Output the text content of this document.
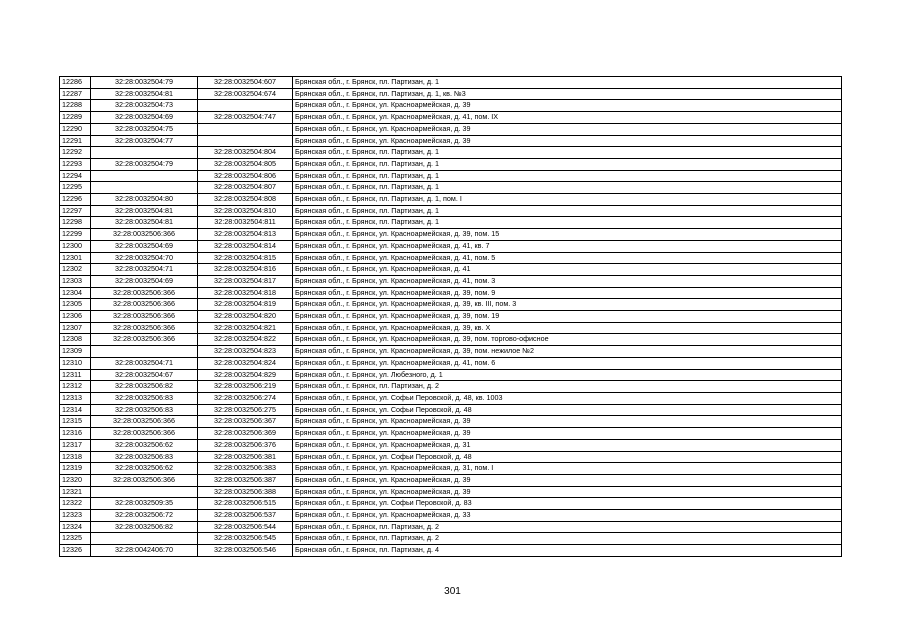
12286	32:28:0032504:79	32:28:0032504:607	Брянская обл., г. Брянск, пл. Партизан, д. 1
12287	32:28:0032504:81	32:28:0032504:674	Брянская обл., г. Брянск, пл. Партизан, д. 1, кв. №3
12288	32:28:0032504:73		Брянская обл., г. Брянск, ул. Красноармейская, д. 39
12289	32:28:0032504:69	32:28:0032504:747	Брянская обл., г. Брянск, ул. Красноармейская, д. 41, пом. IX
12290	32:28:0032504:75		Брянская обл., г. Брянск, ул. Красноармейская, д. 39
12291	32:28:0032504:77		Брянская обл., г. Брянск, ул. Красноармейская, д. 39
12292		32:28:0032504:804	Брянская обл., г. Брянск, пл. Партизан, д. 1
12293	32:28:0032504:79	32:28:0032504:805	Брянская обл., г. Брянск, пл. Партизан, д. 1
12294		32:28:0032504:806	Брянская обл., г. Брянск, пл. Партизан, д. 1
12295		32:28:0032504:807	Брянская обл., г. Брянск, пл. Партизан, д. 1
12296	32:28:0032504:80	32:28:0032504:808	Брянская обл., г. Брянск, пл. Партизан, д. 1, пом. I
12297	32:28:0032504:81	32:28:0032504:810	Брянская обл., г. Брянск, пл. Партизан, д. 1
12298	32:28:0032504:81	32:28:0032504:811	Брянская обл., г. Брянск, пл. Партизан, д. 1
12299	32:28:0032506:366	32:28:0032504:813	Брянская обл., г. Брянск, ул. Красноармейская, д. 39, пом. 15
12300	32:28:0032504:69	32:28:0032504:814	Брянская обл., г. Брянск, ул. Красноармейская, д. 41, кв. 7
12301	32:28:0032504:70	32:28:0032504:815	Брянская обл., г. Брянск, ул. Красноармейская, д. 41, пом. 5
12302	32:28:0032504:71	32:28:0032504:816	Брянская обл., г. Брянск, ул. Красноармейская, д. 41
12303	32:28:0032504:69	32:28:0032504:817	Брянская обл., г. Брянск, ул. Красноармейская, д. 41, пом. 3
12304	32:28:0032506:366	32:28:0032504:818	Брянская обл., г. Брянск, ул. Красноармейская, д. 39, пом. 9
12305	32:28:0032506:366	32:28:0032504:819	Брянская обл., г. Брянск, ул. Красноармейская, д. 39, кв. III, пом. 3
12306	32:28:0032506:366	32:28:0032504:820	Брянская обл., г. Брянск, ул. Красноармейская, д. 39, пом. 19
12307	32:28:0032506:366	32:28:0032504:821	Брянская обл., г. Брянск, ул. Красноармейская, д. 39, кв. X
12308	32:28:0032506:366	32:28:0032504:822	Брянская обл., г. Брянск, ул. Красноармейская, д. 39, пом. торгово-офисное
12309		32:28:0032504:823	Брянская обл., г. Брянск, ул. Красноармейская, д. 39, пом. нежилое №2
12310	32:28:0032504:71	32:28:0032504:824	Брянская обл., г. Брянск, ул. Красноармейская, д. 41, пом. 6
12311	32:28:0032504:67	32:28:0032504:829	Брянская обл., г. Брянск, ул. Любезного, д. 1
12312	32:28:0032506:82	32:28:0032506:219	Брянская обл., г. Брянск, пл. Партизан, д. 2
12313	32:28:0032506:83	32:28:0032506:274	Брянская обл., г. Брянск, ул. Софьи Перовской, д. 48, кв. 1003
12314	32:28:0032506:83	32:28:0032506:275	Брянская обл., г. Брянск, ул. Софьи Перовской, д. 48
12315	32:28:0032506:366	32:28:0032506:367	Брянская обл., г. Брянск, ул. Красноармейская, д. 39
12316	32:28:0032506:366	32:28:0032506:369	Брянская обл., г. Брянск, ул. Красноармейская, д. 39
12317	32:28:0032506:62	32:28:0032506:376	Брянская обл., г. Брянск, ул. Красноармейская, д. 31
12318	32:28:0032506:83	32:28:0032506:381	Брянская обл., г. Брянск, ул. Софьи Перовской, д. 48
12319	32:28:0032506:62	32:28:0032506:383	Брянская обл., г. Брянск, ул. Красноармейская, д. 31, пом. I
12320	32:28:0032506:366	32:28:0032506:387	Брянская обл., г. Брянск, ул. Красноармейская, д. 39
12321		32:28:0032506:388	Брянская обл., г. Брянск, ул. Красноармейская, д. 39
12322	32:28:0032509:35	32:28:0032506:515	Брянская обл., г. Брянск, ул. Софьи Перовской, д. 83
12323	32:28:0032506:72	32:28:0032506:537	Брянская обл., г. Брянск, ул. Красноармейская, д. 33
12324	32:28:0032506:82	32:28:0032506:544	Брянская обл., г. Брянск, пл. Партизан, д. 2
12325		32:28:0032506:545	Брянская обл., г. Брянск, пл. Партизан, д. 2
12326	32:28:0042406:70	32:28:0032506:546	Брянская обл., г. Брянск, пл. Партизан, д. 4
301
